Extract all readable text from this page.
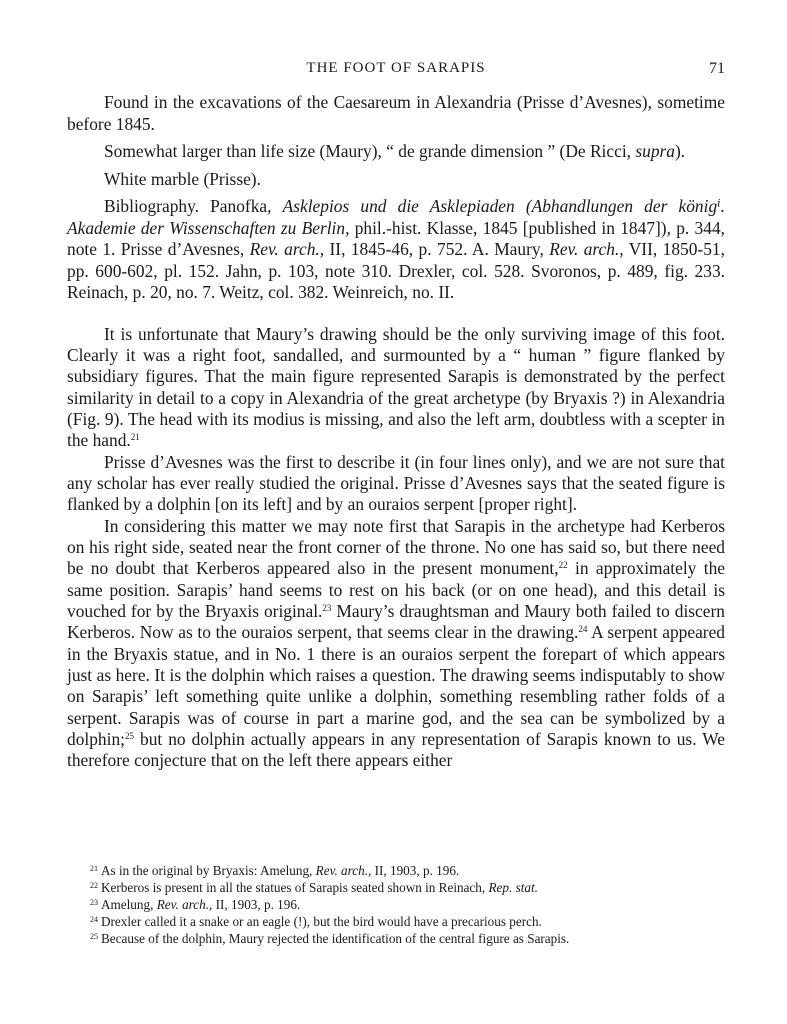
THE FOOT OF SARAPIS	71

Found in the excavations of the Caesareum in Alexandria (Prisse d’Avesnes), sometime before 1845.

Somewhat larger than life size (Maury), “ de grande dimension ” (De Ricci, supra).

White marble (Prisse).

Bibliography. Panofka, Asklepios und die Asklepiaden (Abhandlungen der königⁱ. Akademie der Wissenschaften zu Berlin, phil.-hist. Klasse, 1845 [published in 1847]), p. 344, note 1. Prisse d’Avesnes, Rev. arch., II, 1845-46, p. 752. A. Maury, Rev. arch., VII, 1850-51, pp. 600-602, pl. 152. Jahn, p. 103, note 310. Drexler, col. 528. Svoronos, p. 489, fig. 233. Reinach, p. 20, no. 7. Weitz, col. 382. Weinreich, no. II.

It is unfortunate that Maury’s drawing should be the only surviving image of this foot. Clearly it was a right foot, sandalled, and surmounted by a “ human ” figure flanked by subsidiary figures. That the main figure represented Sarapis is demonstrated by the perfect similarity in detail to a copy in Alexandria of the great archetype (by Bryaxis ?) in Alexandria (Fig. 9). The head with its modius is missing, and also the left arm, doubtless with a scepter in the hand.$^{21}$

Prisse d’Avesnes was the first to describe it (in four lines only), and we are not sure that any scholar has ever really studied the original. Prisse d’Avesnes says that the seated figure is flanked by a dolphin [on its left] and by an ouraios serpent [proper right].

In considering this matter we may note first that Sarapis in the archetype had Kerberos on his right side, seated near the front corner of the throne. No one has said so, but there need be no doubt that Kerberos appeared also in the present monument,$^{22}$ in approximately the same position. Sarapis’ hand seems to rest on his back (or on one head), and this detail is vouched for by the Bryaxis original.$^{23}$ Maury’s draughtsman and Maury both failed to discern Kerberos. Now as to the ouraios serpent, that seems clear in the drawing.$^{24}$ A serpent appeared in the Bryaxis statue, and in No. 1 there is an ouraios serpent the forepart of which appears just as here. It is the dolphin which raises a question. The drawing seems indisputably to show on Sarapis’ left something quite unlike a dolphin, something resembling rather folds of a serpent. Sarapis was of course in part a marine god, and the sea can be symbolized by a dolphin;$^{25}$ but no dolphin actually appears in any representation of Sarapis known to us. We therefore conjecture that on the left there appears either

$^{21}$ As in the original by Bryaxis: Amelung, Rev. arch., II, 1903, p. 196.
$^{22}$ Kerberos is present in all the statues of Sarapis seated shown in Reinach, Rep. stat.
$^{23}$ Amelung, Rev. arch., II, 1903, p. 196.
$^{24}$ Drexler called it a snake or an eagle (!), but the bird would have a precarious perch.
$^{25}$ Because of the dolphin, Maury rejected the identification of the central figure as Sarapis.
